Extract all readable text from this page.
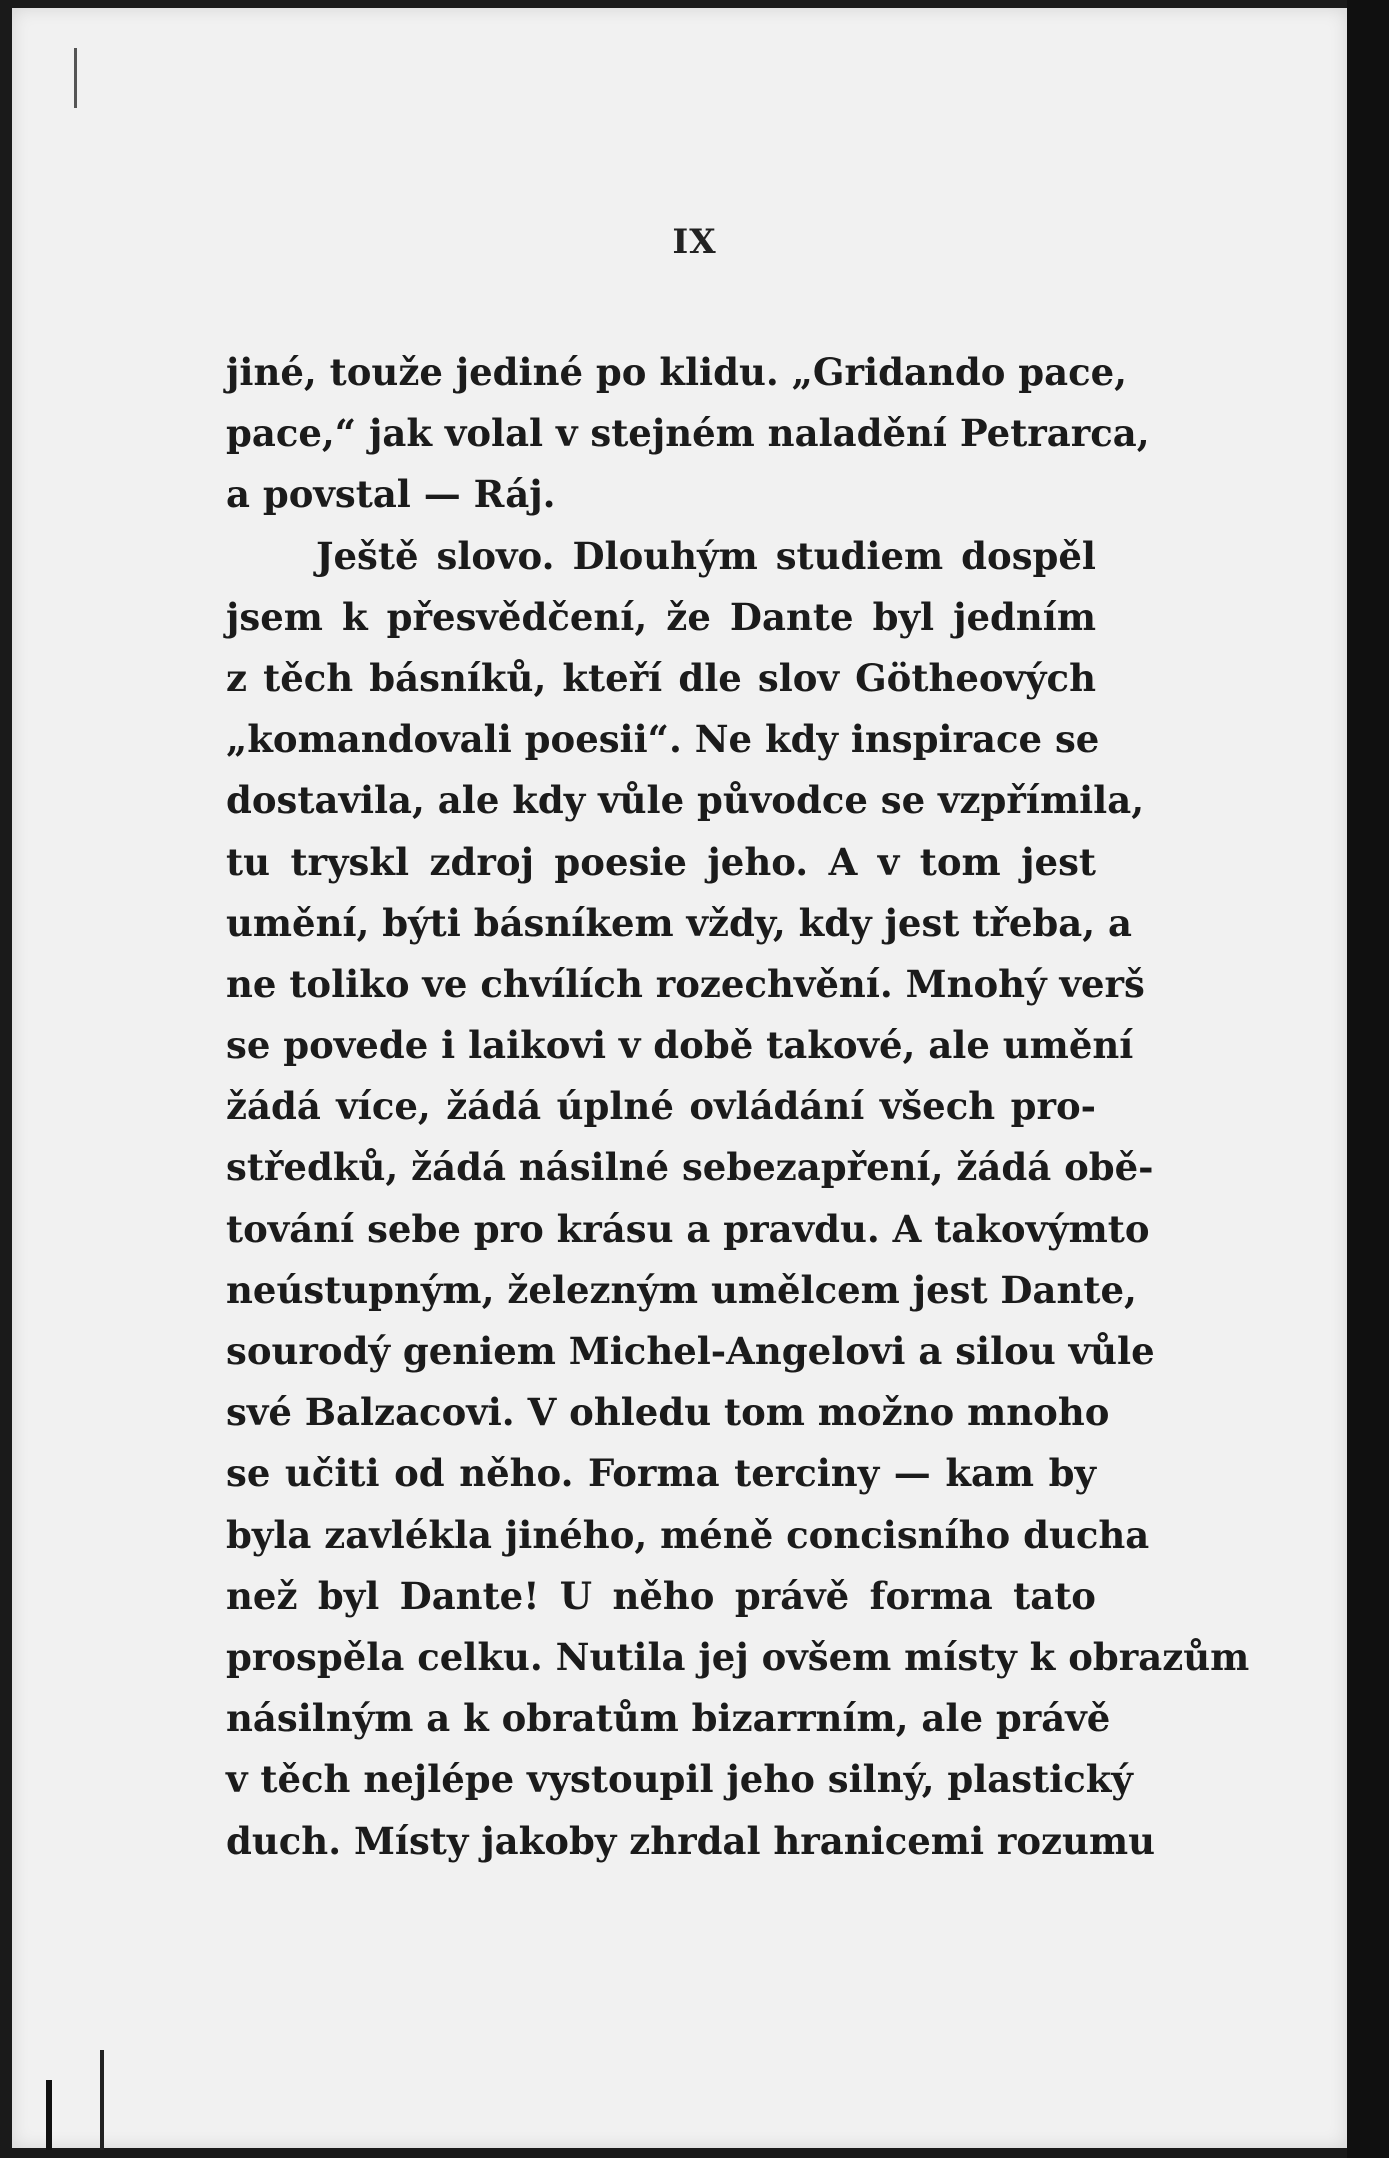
IX
jiné, touže jediné po klidu. „Gridando pace,
pace,“ jak volal v stejném naladění Petrarca,
a povstal — Ráj.
Ještě slovo. Dlouhým studiem dospěl
jsem k přesvědčení, že Dante byl jedním
z těch básníků, kteří dle slov Göthеových
„komandovali poesii“. Ne kdy inspirace se
dostavila, ale kdy vůle původce se vzpřímila,
tu tryskl zdroj poesie jeho. A v tom jest
umění, býti básníkem vždy, kdy jest třeba, a
ne toliko ve chvílích rozechvění. Mnohý verš
se povede i laikovi v době takové, ale umění
žádá více, žádá úplné ovládání všech pro-
středků, žádá násilné sebezapření, žádá obě-
tování sebe pro krásu a pravdu. A takovýmto
neústupným, železným umělcem jest Dante,
sourodý geniem Michel-Angelovi a silou vůle
své Balzacovi. V ohledu tom možno mnoho
se učiti od něho. Forma terciny — kam by
byla zavlékla jiného, méně concisního ducha
než byl Dante! U něho právě forma tato
prospěla celku. Nutila jej ovšem místy k obrazům
násilným a k obratům bizarrním, ale právě
v těch nejlépe vystoupil jeho silný, plastický
duch. Místy jakoby zhrdal hranicemi rozumu
